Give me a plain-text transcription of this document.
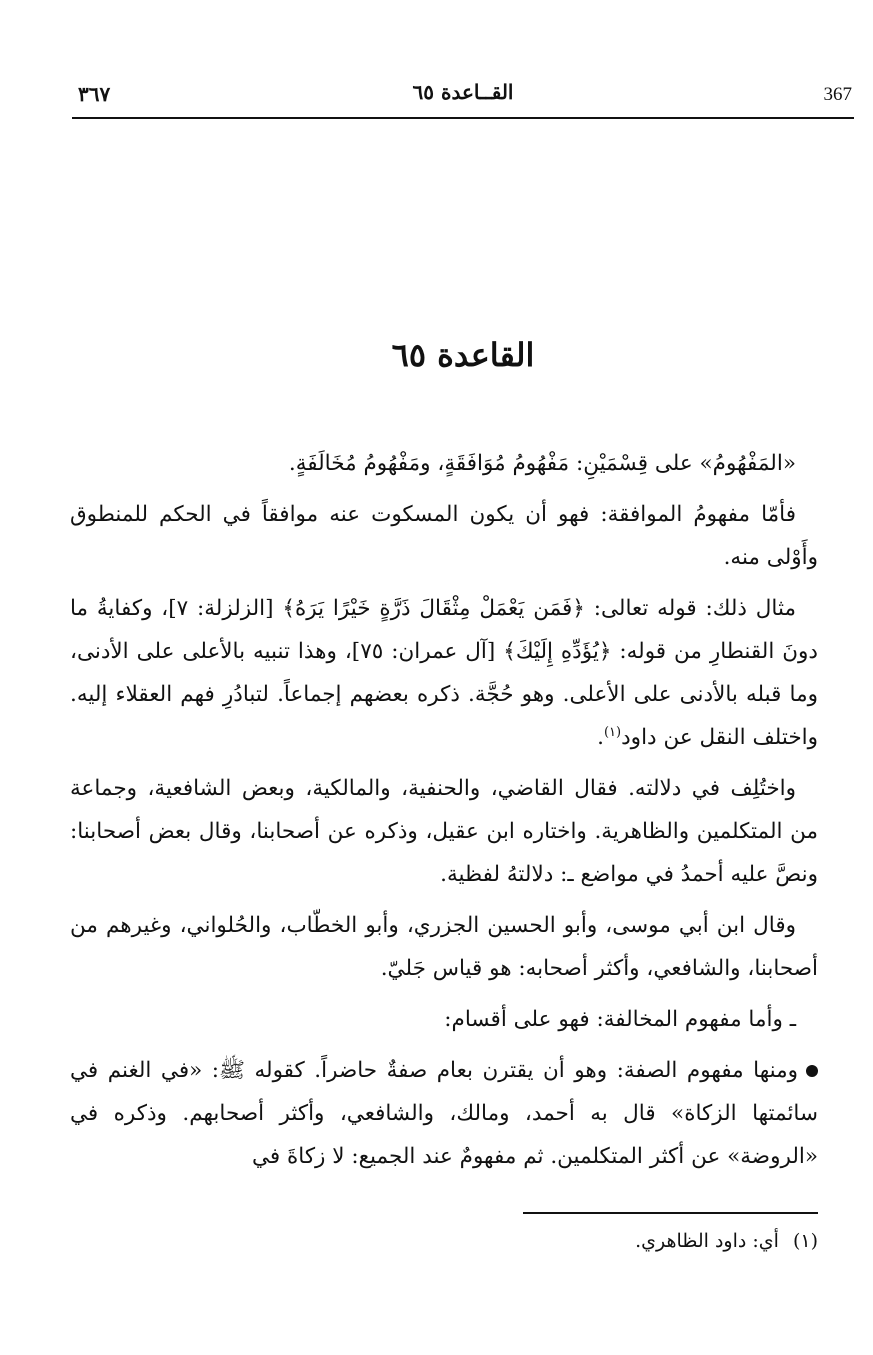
٣٦٧	القــاعدة ٦٥	367
القاعدة ٦٥

«المَفْهُومُ» على قِسْمَيْنِ: مَفْهُومُ مُوَافَقَةٍ، ومَفْهُومُ مُخَالَفَةٍ.

فأمّا مفهومُ الموافقة: فهو أن يكون المسكوت عنه موافقاً في الحكم للمنطوق وأَوْلى منه.

مثال ذلك: قوله تعالى: ﴿فَمَن يَعْمَلْ مِثْقَالَ ذَرَّةٍ خَيْرًا يَرَهُ﴾ [الزلزلة: ٧]، وكفايةُ ما دونَ القنطارِ من قوله: ﴿يُؤَدِّهِ إِلَيْكَ﴾ [آل عمران: ٧٥]، وهذا تنبيه بالأعلى على الأدنى، وما قبله بالأدنى على الأعلى. وهو حُجَّة. ذكره بعضهم إجماعاً. لتبادُرِ فهم العقلاء إليه. واختلف النقل عن داود$^{(١)}$.

واختُلِف في دلالته. فقال القاضي، والحنفية، والمالكية، وبعض الشافعية، وجماعة من المتكلمين والظاهرية. واختاره ابن عقيل، وذكره عن أصحابنا، وقال بعض أصحابنا: ونصَّ عليه أحمدُ في مواضع ـ: دلالتهُ لفظية.

وقال ابن أبي موسى، وأبو الحسين الجزري، وأبو الخطّاب، والحُلواني، وغيرهم من أصحابنا، والشافعي، وأكثر أصحابه: هو قياس جَليّ.

ـ وأما مفهوم المخالفة: فهو على أقسام:

ومنها مفهوم الصفة: وهو أن يقترن بعام صفةٌ حاضراً. كقوله ﷺ: «في الغنم في سائمتها الزكاة» قال به أحمد، ومالك، والشافعي، وأكثر أصحابهم. وذكره في «الروضة» عن أكثر المتكلمين. ثم مفهومٌ عند الجميع: لا زكاةَ في

(١)أي: داود الظاهري.
